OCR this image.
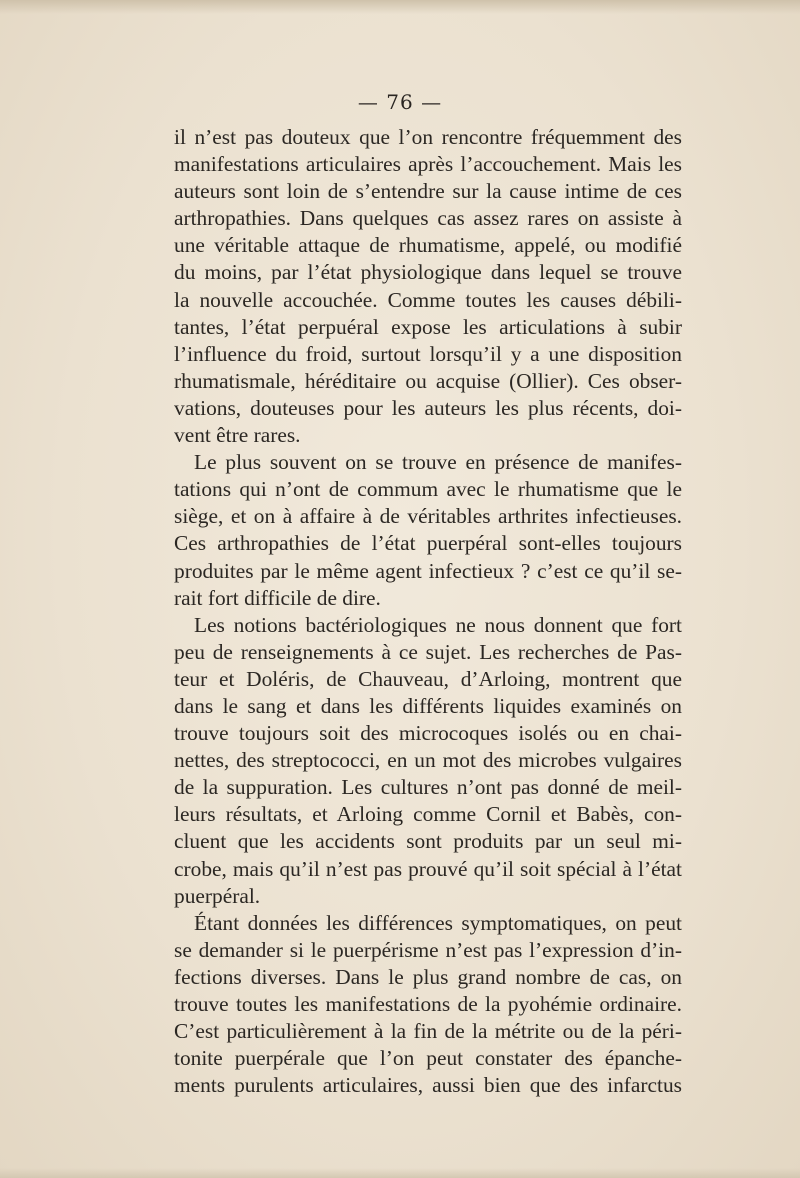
— 76 —
il n’est pas douteux que l’on rencontre fréquemment des
manifestations articulaires après l’accouchement. Mais les
auteurs sont loin de s’entendre sur la cause intime de ces
arthropathies. Dans quelques cas assez rares on assiste à
une véritable attaque de rhumatisme, appelé, ou modifié
du moins, par l’état physiologique dans lequel se trouve
la nouvelle accouchée. Comme toutes les causes débili-
tantes, l’état perpuéral expose les articulations à subir
l’influence du froid, surtout lorsqu’il y a une disposition
rhumatismale, héréditaire ou acquise (Ollier). Ces obser-
vations, douteuses pour les auteurs les plus récents, doi-
vent être rares.
Le plus souvent on se trouve en présence de manifes-
tations qui n’ont de commum avec le rhumatisme que le
siège, et on à affaire à de véritables arthrites infectieuses.
Ces arthropathies de l’état puerpéral sont-elles toujours
produites par le même agent infectieux ? c’est ce qu’il se-
rait fort difficile de dire.
Les notions bactériologiques ne nous donnent que fort
peu de renseignements à ce sujet. Les recherches de Pas-
teur et Doléris, de Chauveau, d’Arloing, montrent que
dans le sang et dans les différents liquides examinés on
trouve toujours soit des microcoques isolés ou en chai-
nettes, des streptococci, en un mot des microbes vulgaires
de la suppuration. Les cultures n’ont pas donné de meil-
leurs résultats, et Arloing comme Cornil et Babès, con-
cluent que les accidents sont produits par un seul mi-
crobe, mais qu’il n’est pas prouvé qu’il soit spécial à l’état
puerpéral.
Étant données les différences symptomatiques, on peut
se demander si le puerpérisme n’est pas l’expression d’in-
fections diverses. Dans le plus grand nombre de cas, on
trouve toutes les manifestations de la pyohémie ordinaire.
C’est particulièrement à la fin de la métrite ou de la péri-
tonite puerpérale que l’on peut constater des épanche-
ments purulents articulaires, aussi bien que des infarctus
